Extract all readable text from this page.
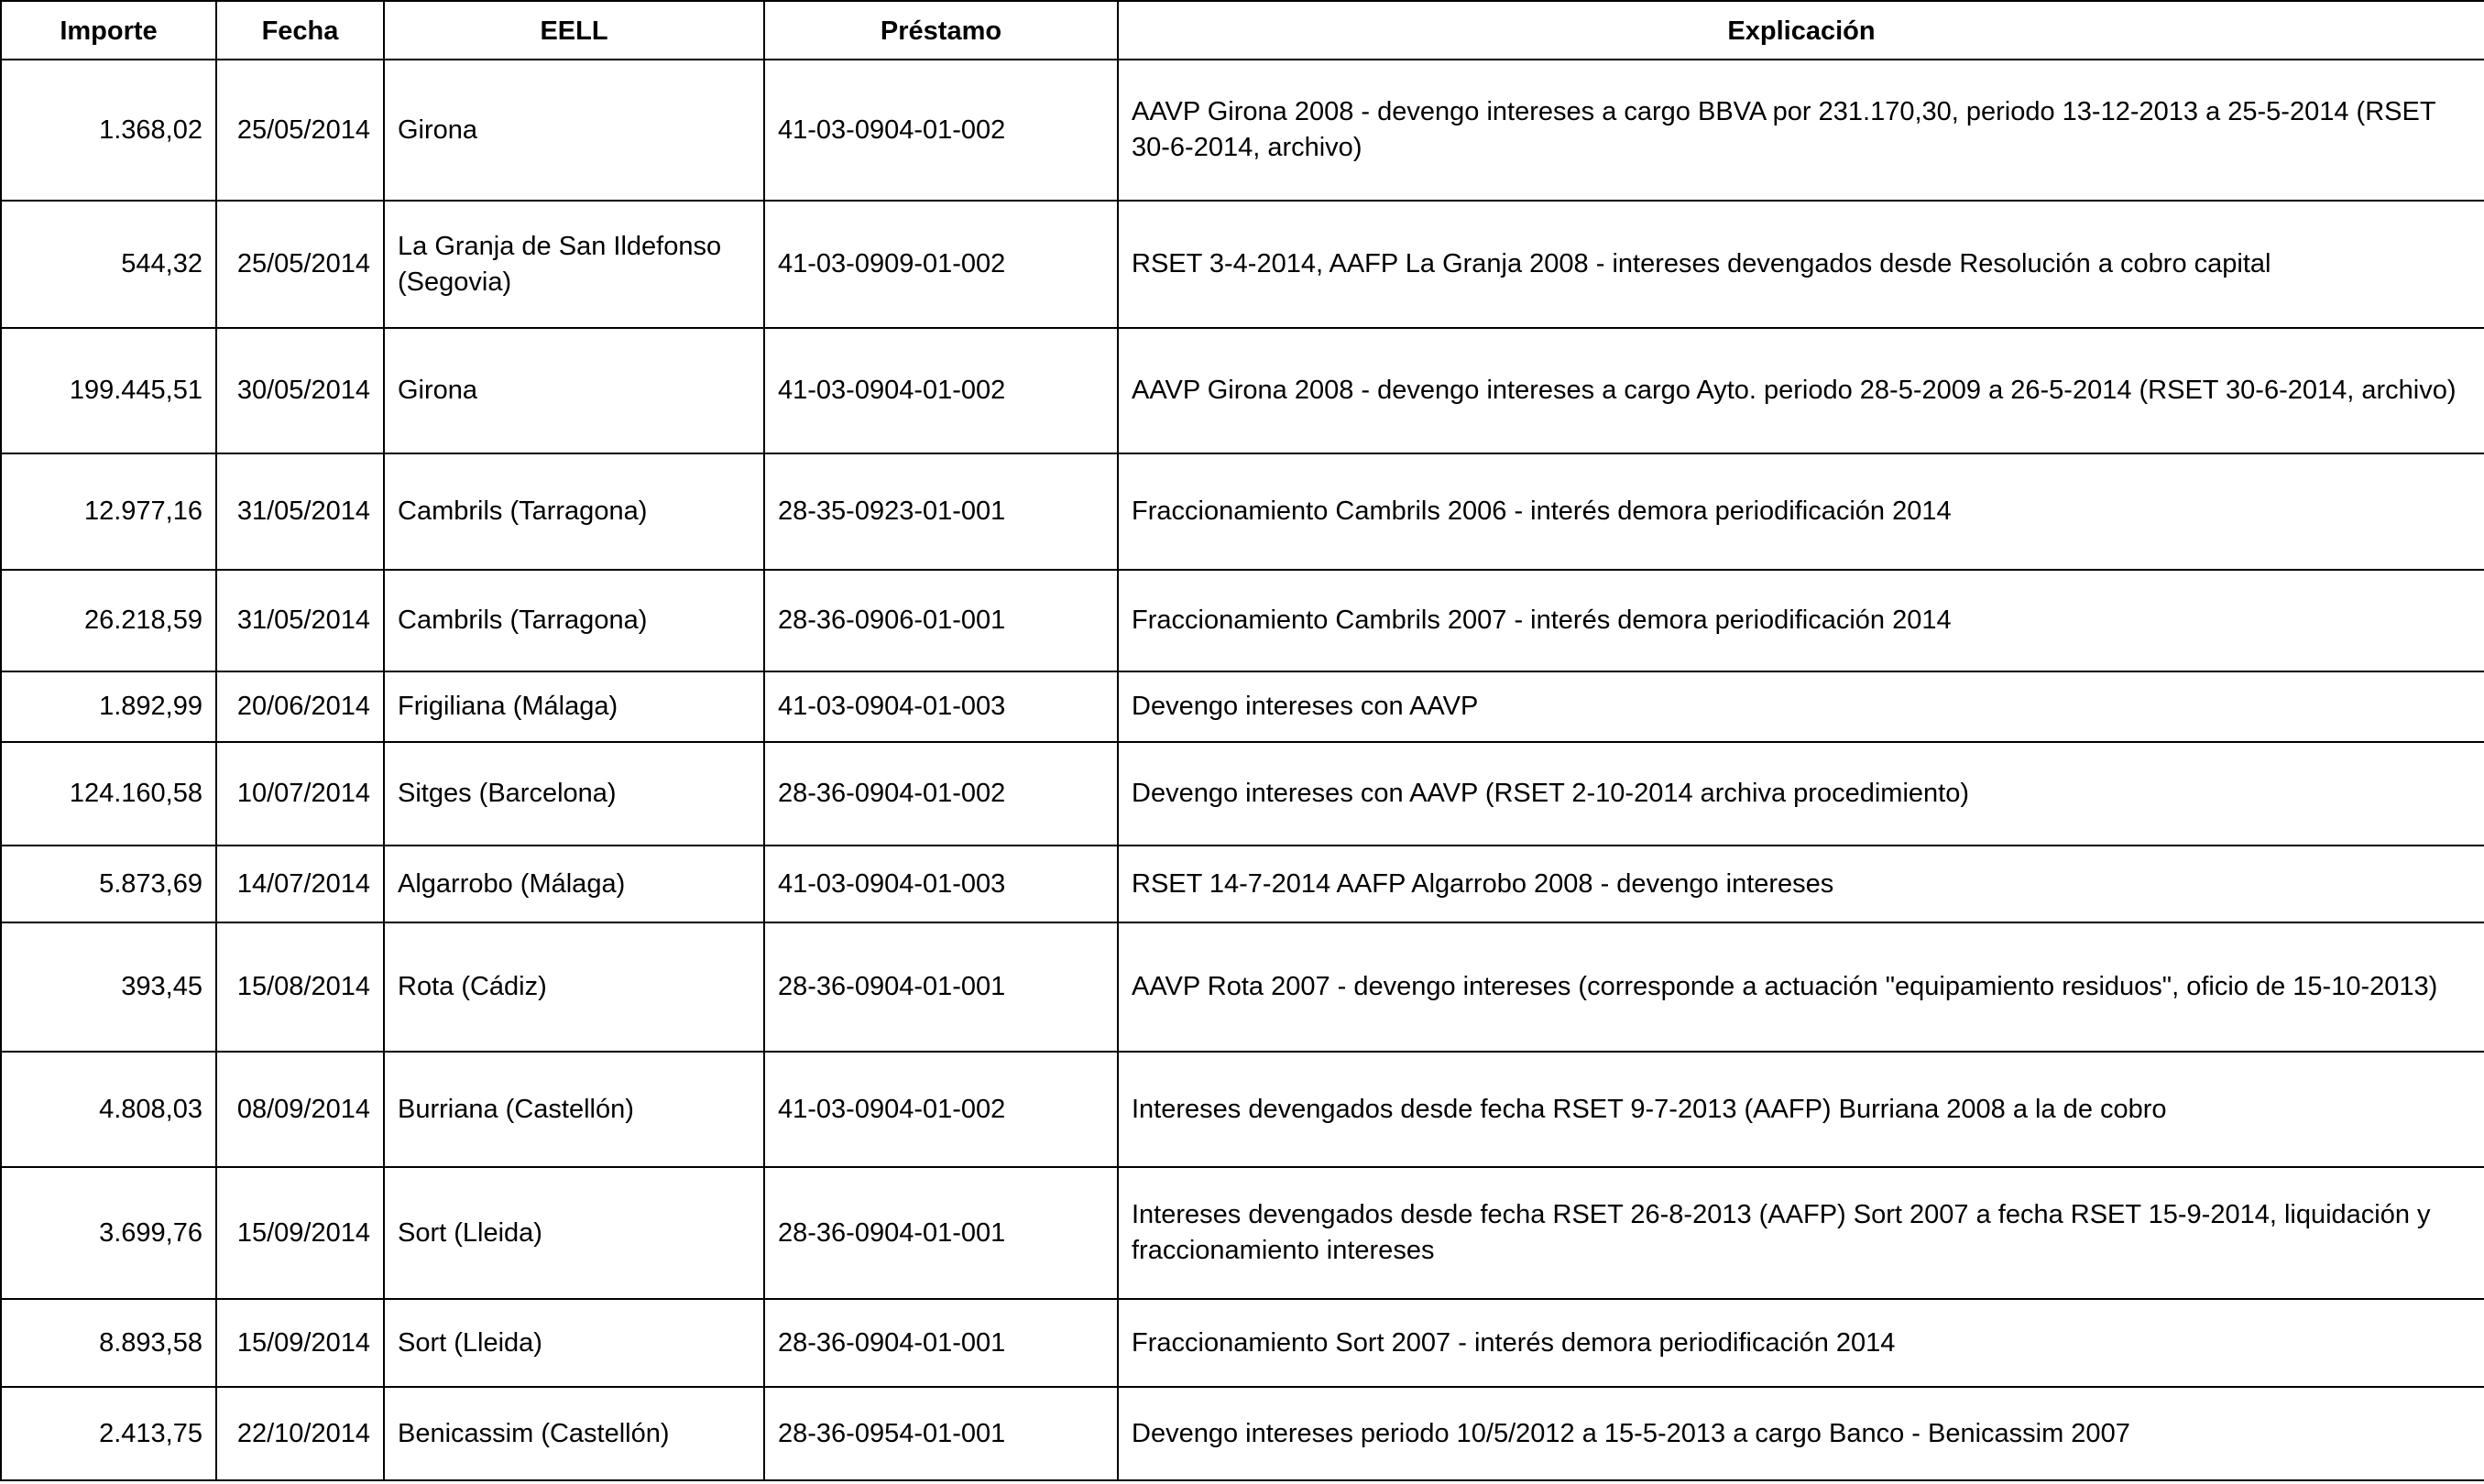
Importe	Fecha	EELL	Préstamo	Explicación
1.368,02	25/05/2014	Girona	41-03-0904-01-002	AAVP Girona 2008 - devengo intereses a cargo BBVA por 231.170,30, periodo 13-12-2013 a 25-5-2014 (RSET 30-6-2014, archivo)
544,32	25/05/2014	La Granja de San Ildefonso (Segovia)	41-03-0909-01-002	RSET 3-4-2014, AAFP La Granja 2008 - intereses devengados desde Resolución a cobro capital
199.445,51	30/05/2014	Girona	41-03-0904-01-002	AAVP Girona 2008 - devengo intereses a cargo Ayto. periodo 28-5-2009 a 26-5-2014 (RSET 30-6-2014, archivo)
12.977,16	31/05/2014	Cambrils (Tarragona)	28-35-0923-01-001	Fraccionamiento Cambrils 2006 - interés demora periodificación 2014
26.218,59	31/05/2014	Cambrils (Tarragona)	28-36-0906-01-001	Fraccionamiento Cambrils 2007 - interés demora periodificación 2014
1.892,99	20/06/2014	Frigiliana (Málaga)	41-03-0904-01-003	Devengo intereses con AAVP
124.160,58	10/07/2014	Sitges (Barcelona)	28-36-0904-01-002	Devengo intereses con AAVP (RSET 2-10-2014 archiva procedimiento)
5.873,69	14/07/2014	Algarrobo (Málaga)	41-03-0904-01-003	RSET 14-7-2014 AAFP Algarrobo 2008 - devengo intereses
393,45	15/08/2014	Rota (Cádiz)	28-36-0904-01-001	AAVP Rota 2007 - devengo intereses (corresponde a actuación "equipamiento residuos", oficio de 15-10-2013)
4.808,03	08/09/2014	Burriana (Castellón)	41-03-0904-01-002	Intereses devengados desde fecha RSET 9-7-2013 (AAFP) Burriana 2008 a la de cobro
3.699,76	15/09/2014	Sort (Lleida)	28-36-0904-01-001	Intereses devengados desde fecha RSET 26-8-2013 (AAFP) Sort 2007 a fecha RSET 15-9-2014, liquidación y fraccionamiento intereses
8.893,58	15/09/2014	Sort (Lleida)	28-36-0904-01-001	Fraccionamiento Sort 2007 - interés demora periodificación 2014
2.413,75	22/10/2014	Benicassim (Castellón)	28-36-0954-01-001	Devengo intereses periodo 10/5/2012 a 15-5-2013 a cargo Banco - Benicassim 2007
